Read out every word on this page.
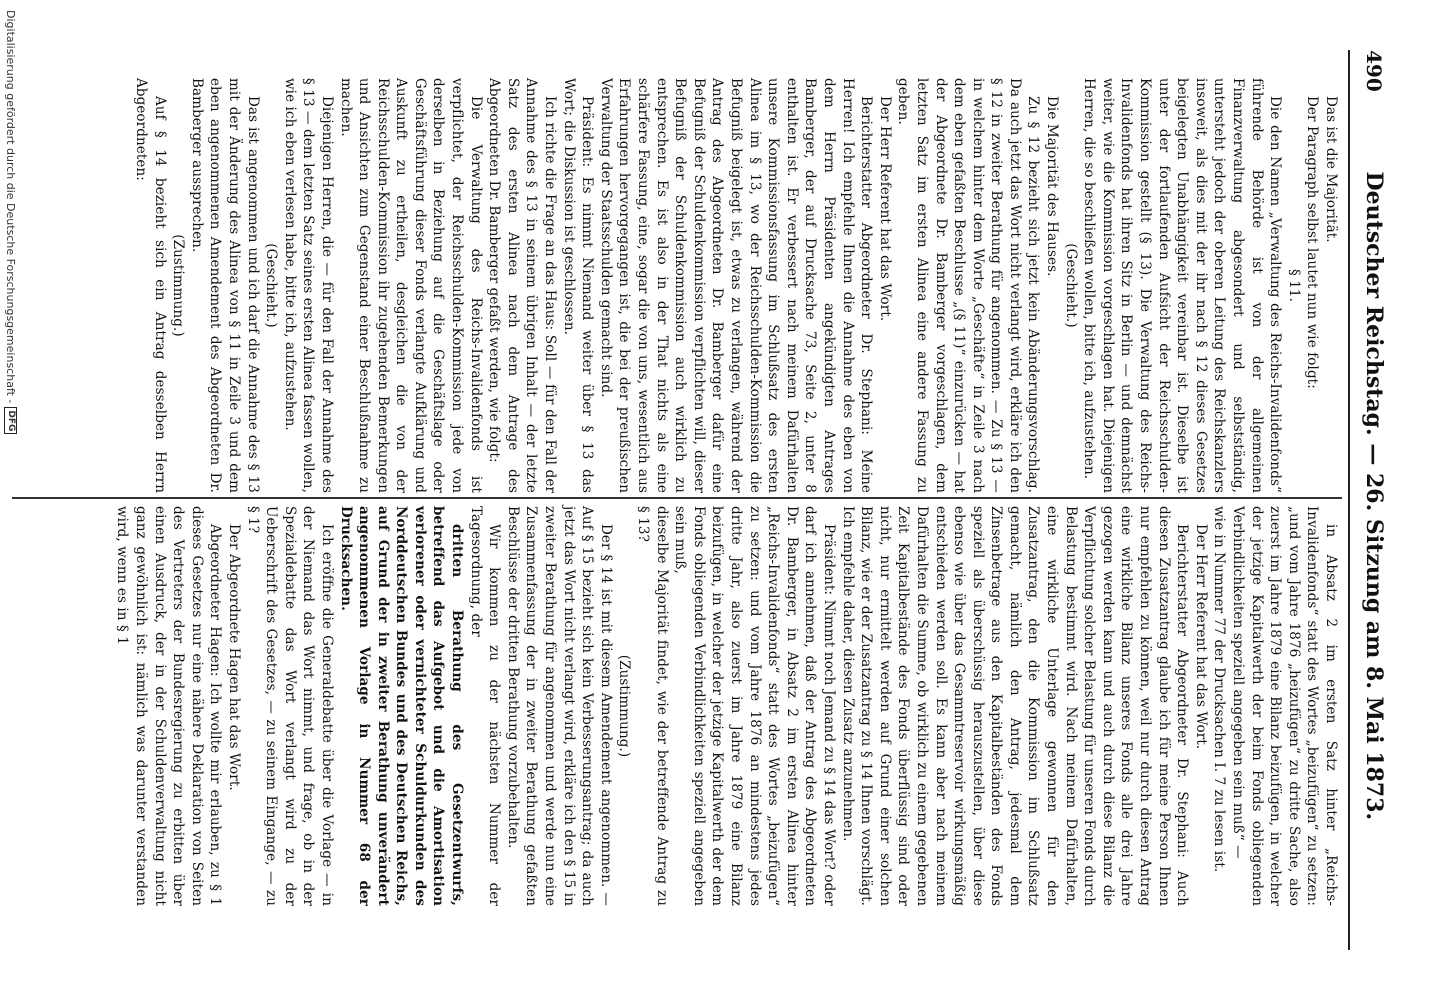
490
Deutscher Reichstag. — 26. Sitzung am 8. Mai 1873.

Das ist die Majorität.

Der Paragraph selbst lautet nun wie folgt:

§ 11.

Die den Namen „Verwaltung des Reichs-Invalidenfonds“ führende Behörde ist von der allgemeinen Finanzverwaltung abgesondert und selbstständig, untersteht jedoch der oberen Leitung des Reichskanzlers insoweit, als dies mit der ihr nach § 12 dieses Gesetzes beigelegten Unabhängigkeit vereinbar ist. Dieselbe ist unter der fortlaufenden Aufsicht der Reichsschulden-Kommission gestellt (§ 13). Die Verwaltung des Reichs-Invalidenfonds hat ihren Sitz in Berlin — und demnächst weiter, wie die Kommission vorgeschlagen hat. Diejenigen Herren, die so beschließen wollen, bitte ich, aufzustehen.

(Geschieht.)

Die Majorität des Hauses.

Zu § 12 bezieht sich jetzt kein Abänderungsvorschlag. Da auch jetzt das Wort nicht verlangt wird, erkläre ich den § 12 in zweiter Berathung für angenommen. — Zu § 13 — in welchem hinter dem Worte „Geschäfte“ in Zeile 3 nach dem eben gefaßten Beschlusse „(§ 11)“ einzurücken — hat der Abgeordnete Dr. Bamberger vorgeschlagen, dem letzten Satz im ersten Alinea eine andere Fassung zu geben.

Der Herr Referent hat das Wort.

Berichterstatter Abgeordneter Dr. Stephani: Meine Herren! Ich empfehle Ihnen die Annahme des eben von dem Herrn Präsidenten angekündigten Antrages Bamberger, der auf Drucksache 73, Seite 2, unter 8 enthalten ist. Er verbessert nach meinem Dafürhalten unsere Kommissionsfassung im Schlußsatz des ersten Alinea im § 13, wo der Reichsschulden-Kommission die Befugniß beigelegt ist, etwas zu verlangen, während der Antrag des Abgeordneten Dr. Bamberger dafür eine Befugniß der Schuldenkommission verpflichten will, dieser Befugniß der Schuldenkommission auch wirklich zu entsprechen. Es ist also in der That nichts als eine schärfere Fassung, eine, sogar die von uns, wesentlich aus Erfahrungen hervorgegangen ist, die bei der preußischen Verwaltung der Staatsschulden gemacht sind.

Präsident: Es nimmt Niemand weiter über § 13 das Wort; die Diskussion ist geschlossen.

Ich richte die Frage an das Haus: Soll — für den Fall der Annahme des § 13 in seinem übrigen Inhalt — der letzte Satz des ersten Alinea nach dem Antrage des Abgeordneten Dr. Bamberger gefaßt werden, wie folgt:

Die Verwaltung des Reichs-Invalidenfonds ist verpflichtet, der Reichsschulden-Kommission jede von derselben in Beziehung auf die Geschäftslage oder Geschäftsführung dieser Fonds verlangte Aufklärung und Auskunft zu ertheilen, desgleichen die von der Reichsschulden-Kommission ihr zugehenden Bemerkungen und Ansichten zum Gegenstand einer Beschlußnahme zu machen.

Diejenigen Herren, die — für den Fall der Annahme des § 13 — dem letzten Satz seines ersten Alinea fassen wollen, wie ich eben verlesen habe, bitte ich, aufzustehen.

(Geschieht.)

Das ist angenommen und ich darf die Annahme des § 13 mit der Änderung des Alinea von § 11 in Zeile 3 und dem eben angenommenen Amendement des Abgeordneten Dr. Bamberger aussprechen.

(Zustimmung.)

Auf § 14 bezieht sich ein Antrag desselben Herrn Abgeordneten:

in Absatz 2 im ersten Satz hinter „Reichs-Invalidenfonds“ statt des Wortes „beizufügen“ zu setzen: „und vom Jahre 1876 „heizufügen“ zu dritte Sache, also zuerst im Jahre 1879 eine Bilanz beizufügen, in welcher der jetzige Kapitalwerth der beim Fonds obliegenden Verbindlichkeiten speziell angegeben sein muß“ —

wie in Nummer 77 der Drucksachen I. 7 zu lesen ist.

Der Herr Referent hat das Wort.

Berichterstatter Abgeordneter Dr. Stephani: Auch diesen Zusatzantrag glaube ich für meine Person Ihnen nur empfehlen zu können, weil nur durch diesen Antrag eine wirkliche Bilanz unseres Fonds alle drei Jahre gezogen werden kann und auch durch diese Bilanz die Verpflichtung solcher Belastung für unseren Fonds durch Belastung bestimmt wird. Nach meinem Dafürhalten, eine wirkliche Unterlage gewonnen für den Zusatzantrag, den die Kommission im Schlußsatz gemacht, nämlich den Antrag, jedesmal dem Zinsenbetrage aus den Kapitalbeständen des Fonds speziell als überschüssig herauszustellen, über diese ebenso wie über das Gesammtreservoir wirkungsmäßig entschieden werden soll. Es kann aber nach meinem Dafürhalten die Summe, ob wirklich zu einem gegebenen Zeit Kapitalbestände des Fonds überflüssig sind oder nicht, nur ermittelt werden auf Grund einer solchen Bilanz, wie er der Zusatzantrag zu § 14 Ihnen vorschlägt. Ich empfehle daher, diesen Zusatz anzunehmen.

Präsident: Nimmt noch Jemand zu § 14 das Wort? oder darf ich annehmen, daß der Antrag des Abgeordneten Dr. Bamberger, in Absatz 2 im ersten Alinea hinter „Reichs-Invalidenfonds“ statt des Wortes „beizufügen“ zu setzen: und vom Jahre 1876 an mindestens jedes dritte Jahr, also zuerst im Jahre 1879 eine Bilanz beizufügen, in welcher der jetzige Kapitalwerth der dem Fonds obliegenden Verbindlichkeiten speziell angegeben sein muß,

dieselbe Majorität findet, wie der betreffende Antrag zu § 13?

(Zustimmung.)

Der § 14 ist mit diesem Amendement angenommen. — Auf § 15 bezieht sich kein Verbesserungsantrag; da auch jetzt das Wort nicht verlangt wird, erkläre ich den § 15 in zweiter Berathung für angenommen und werde nun eine Zusammenfassung der in zweiter Berathung gefaßten Beschlüsse der dritten Berathung vorzubehalten.

Wir kommen zu der nächsten Nummer der Tagesordnung, der

dritten Berathung des Gesetzentwurfs, betreffend das Aufgebot und die Amortisation verlorener oder vernichteter Schuldurkunden des Norddeutschen Bundes und des Deutschen Reichs, auf Grund der in zweiter Berathung unverändert angenommenen Vorlage in Nummer 68 der Drucksachen.

Ich eröffne die Generaldebatte über die Vorlage — in der Niemand das Wort nimmt, und frage, ob in der Spezialdebatte das Wort verlangt wird zu der Ueberschrift des Gesetzes, — zu seinem Eingange, — zu § 1?

Der Abgeordnete Hagen hat das Wort.

Abgeordneter Hagen: Ich wollte mir erlauben, zu § 1 dieses Gesetzes nur eine nähere Deklaration von Seiten des Vertreters der Bundesregierung zu erbitten über einen Ausdruck, der in der Schuldenverwaltung nicht ganz gewöhnlich ist: nämlich was darunter verstanden wird, wenn es in § 1

Digitalisierung gefördert durch die Deutsche Forschungsgemeinschaft -
DFG
